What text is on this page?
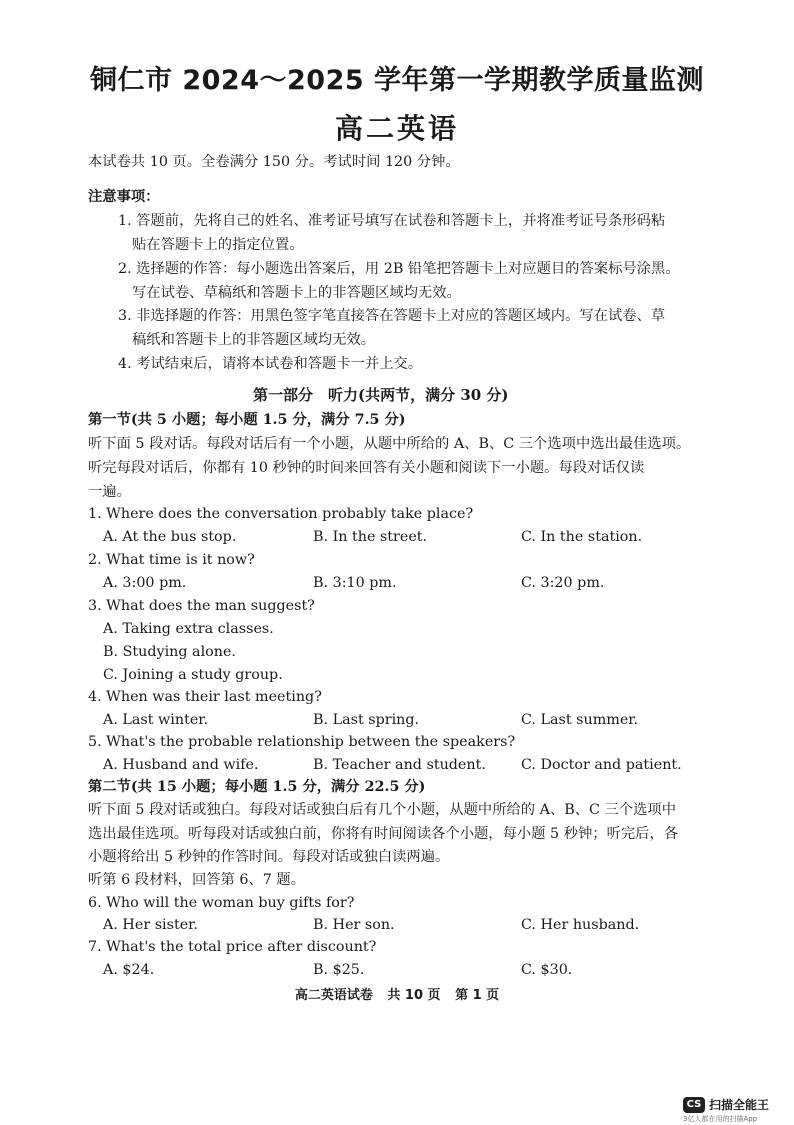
铜仁市 2024～2025 学年第一学期教学质量监测
高二英语
本试卷共 10 页。全卷满分 150 分。考试时间 120 分钟。
注意事项：
1. 答题前，先将自己的姓名、准考证号填写在试卷和答题卡上，并将准考证号条形码粘
贴在答题卡上的指定位置。
2. 选择题的作答：每小题选出答案后，用 2B 铅笔把答题卡上对应题目的答案标号涂黑。
写在试卷、草稿纸和答题卡上的非答题区域均无效。
3. 非选择题的作答：用黑色签字笔直接答在答题卡上对应的答题区域内。写在试卷、草
稿纸和答题卡上的非答题区域均无效。
4. 考试结束后，请将本试卷和答题卡一并上交。
第一部分　听力(共两节，满分 30 分)
第一节(共 5 小题；每小题 1.5 分，满分 7.5 分)
听下面 5 段对话。每段对话后有一个小题，从题中所给的 A、B、C 三个选项中选出最佳选项。
听完每段对话后，你都有 10 秒钟的时间来回答有关小题和阅读下一小题。每段对话仅读
一遍。
1. Where does the conversation probably take place?
A. At the bus stop.	B. In the street.	C. In the station.
2. What time is it now?
A. 3:00 pm.	B. 3:10 pm.	C. 3:20 pm.
3. What does the man suggest?
A. Taking extra classes.
B. Studying alone.
C. Joining a study group.
4. When was their last meeting?
A. Last winter.	B. Last spring.	C. Last summer.
5. What's the probable relationship between the speakers?
A. Husband and wife.	B. Teacher and student. C. Doctor and patient.
第二节(共 15 小题；每小题 1.5 分，满分 22.5 分)
听下面 5 段对话或独白。每段对话或独白后有几个小题，从题中所给的 A、B、C 三个选项中
选出最佳选项。听每段对话或独白前，你将有时间阅读各个小题，每小题 5 秒钟；听完后，各
小题将给出 5 秒钟的作答时间。每段对话或独白读两遍。
听第 6 段材料，回答第 6、7 题。
6. Who will the woman buy gifts for?
A. Her sister.	B. Her son.	C. Her husband.
7. What's the total price after discount?
A. $24.	B. $25.	C. $30.
高二英语试卷 共 10 页 第 1 页
CS 扫描全能王
3亿人都在用的扫描App
